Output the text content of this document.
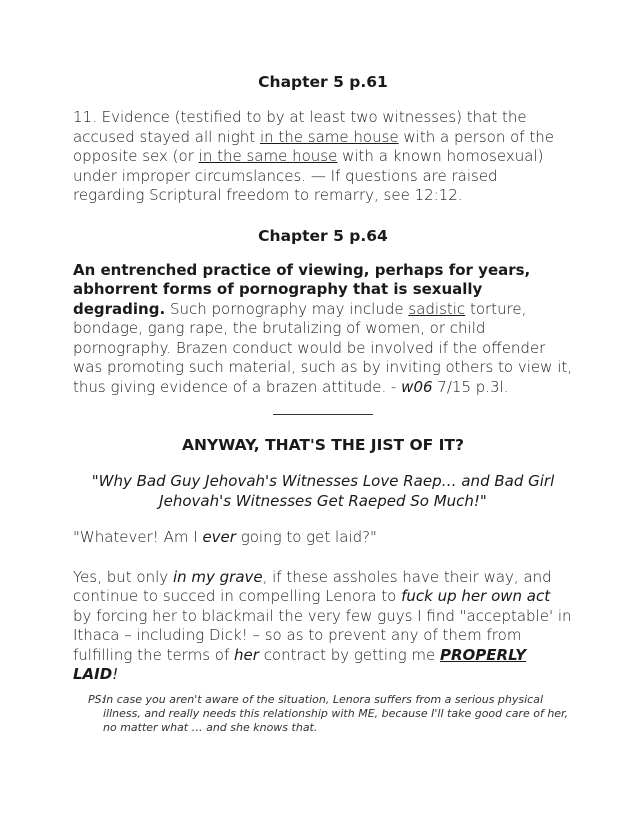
Chapter 5 p.61

11. Evidence (testified to by at least two witnesses) that the accused stayed all night in the same house with a person of the opposite sex (or in the same house with a known homosexual) under improper circumslances. — If questions are raised regarding Scriptural freedom to remarry, see 12:12.

Chapter 5 p.64

An entrenched practice of viewing, perhaps for years, abhorrent forms of pornography that is sexually degrading. Such pornography may include sadistic torture, bondage, gang rape, the brutalizing of women, or child pornography. Brazen conduct would be involved if the offender was promoting such material, such as by inviting others to view it, thus giving evidence of a brazen attitude. - w06 7/15 p.3l.

ANYWAY, THAT'S THE JIST OF IT?

"Why Bad Guy Jehovah's Witnesses Love Raep… and Bad Girl Jehovah's Witnesses Get Raeped So Much!"

"Whatever! Am I ever going to get laid?"

Yes, but only in my grave, if these assholes have their way, and continue to succed in compelling Lenora to fuck up her own act by forcing her to blackmail the very few guys I find "acceptable' in Ithaca – including Dick! – so as to prevent any of them from fulfilling the terms of her contract by getting me PROPERLY LAID!

PS:
In case you aren't aware of the situation, Lenora suffers from a serious physical illness, and really needs this relationship with ME, because I'll take good care of her, no matter what … and she knows that.
